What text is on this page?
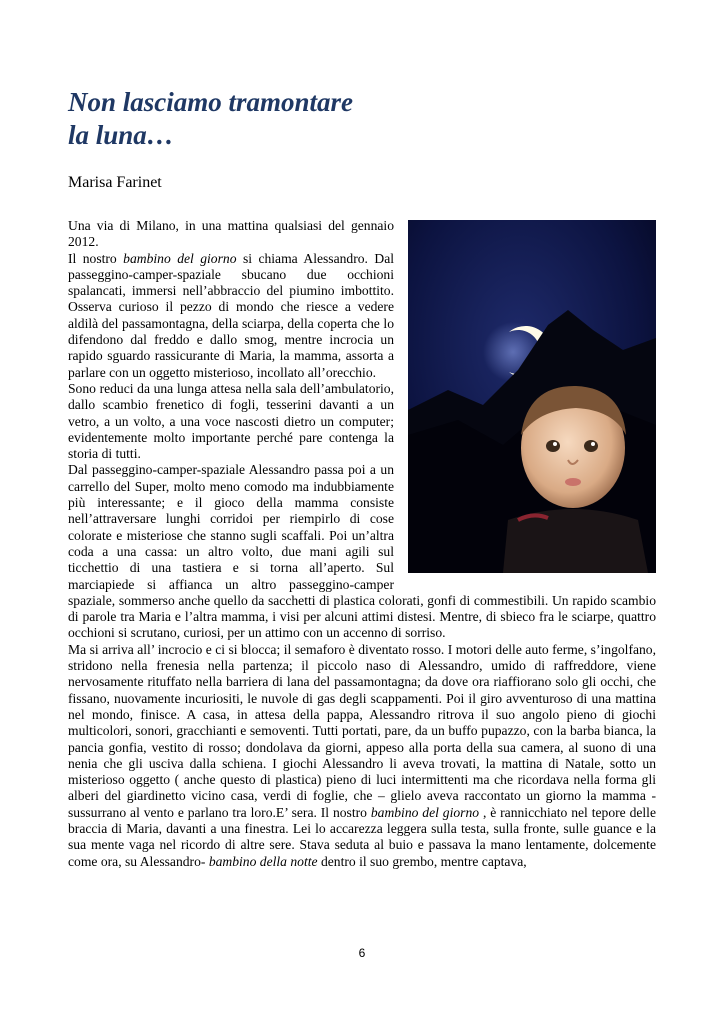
Non lasciamo tramontare
la luna…
Marisa Farinet

Una via di Milano, in una mattina qualsiasi del gennaio 2012.

Il nostro bambino del giorno si chiama Alessandro. Dal passeggino-camper-spaziale sbucano due occhioni spalancati, immersi nell’abbraccio del piumino imbottito. Osserva curioso il pezzo di mondo che riesce a vedere aldilà del passamontagna, della sciarpa, della coperta che lo difendono dal freddo e dallo smog, mentre incrocia un rapido sguardo rassicurante di Maria, la mamma, assorta a parlare con un oggetto misterioso, incollato all’orecchio.

Sono reduci da una lunga attesa nella sala dell’ambulatorio, dallo scambio frenetico di fogli, tesserini davanti a un vetro, a un volto, a una voce nascosti dietro un computer; evidentemente molto importante perché pare contenga la storia di tutti.

Dal passeggino-camper-spaziale Alessandro passa poi a un carrello del Super, molto meno comodo ma indubbiamente più interessante; e il gioco della mamma consiste nell’attraversare lunghi corridoi per riempirlo di cose colorate e misteriose che stanno sugli scaffali. Poi un’altra coda a una cassa: un altro volto, due mani agili sul ticchettio di una tastiera e si torna all’aperto. Sul marciapiede si affianca un altro passeggino-camper spaziale, sommerso anche quello da sacchetti di plastica colorati, gonfi di commestibili. Un rapido scambio di parole tra Maria e l’altra mamma, i visi per alcuni attimi distesi. Mentre, di sbieco fra le sciarpe, quattro occhioni si scrutano, curiosi, per un attimo con un accenno di sorriso.

Ma si arriva all’ incrocio e ci si blocca; il semaforo è diventato rosso. I motori delle auto ferme, s’ingolfano, stridono nella frenesia nella partenza; il piccolo naso di Alessandro, umido di raffreddore, viene nervosamente rituffato nella barriera di lana del passamontagna; da dove ora riaffiorano solo gli occhi, che fissano, nuovamente incuriositi, le nuvole di gas degli scappamenti. Poi il giro avventuroso di una mattina nel mondo, finisce. A casa, in attesa della pappa, Alessandro ritrova il suo angolo pieno di giochi multicolori, sonori, gracchianti e semoventi. Tutti portati, pare, da un buffo pupazzo, con la barba bianca, la pancia gonfia, vestito di rosso; dondolava da giorni, appeso alla porta della sua camera, al suono di una nenia che gli usciva dalla schiena. I giochi Alessandro li aveva trovati, la mattina di Natale, sotto un misterioso oggetto ( anche questo di plastica) pieno di luci intermittenti ma che ricordava nella forma gli alberi del giardinetto vicino casa, verdi di foglie, che – glielo aveva raccontato un giorno la mamma - sussurrano al vento e parlano tra loro.E’ sera. Il nostro bambino del giorno , è rannicchiato nel tepore delle braccia di Maria, davanti a una finestra. Lei lo accarezza leggera sulla testa, sulla fronte, sulle guance e la sua mente vaga nel ricordo di altre sere. Stava seduta al buio e passava la mano lentamente, dolcemente come ora, su Alessandro- bambino della notte dentro il suo grembo, mentre captava,

6
